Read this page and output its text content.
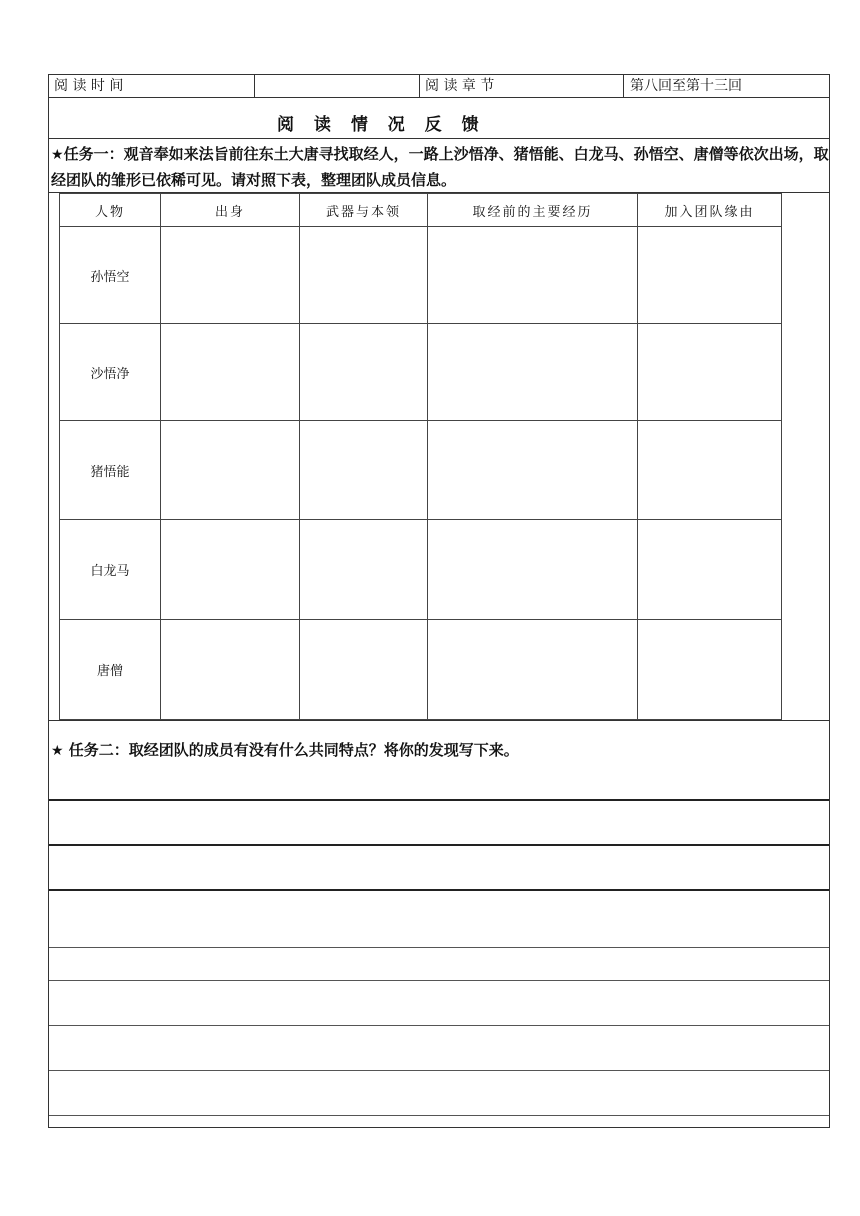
阅 读 时 间	阅 读 章 节	第八回至第十三回
阅 读 情 况 反 馈
★任务一：观音奉如来法旨前往东土大唐寻找取经人，一路上沙悟净、猪悟能、白龙马、孙悟空、唐僧等依次出场，取经团队的雏形已依稀可见。请对照下表，整理团队成员信息。
人物	出身	武器与本领	取经前的主要经历	加入团队缘由
孙悟空				
沙悟净				
猪悟能				
白龙马				
唐僧				
★ 任务二：取经团队的成员有没有什么共同特点？将你的发现写下来。
